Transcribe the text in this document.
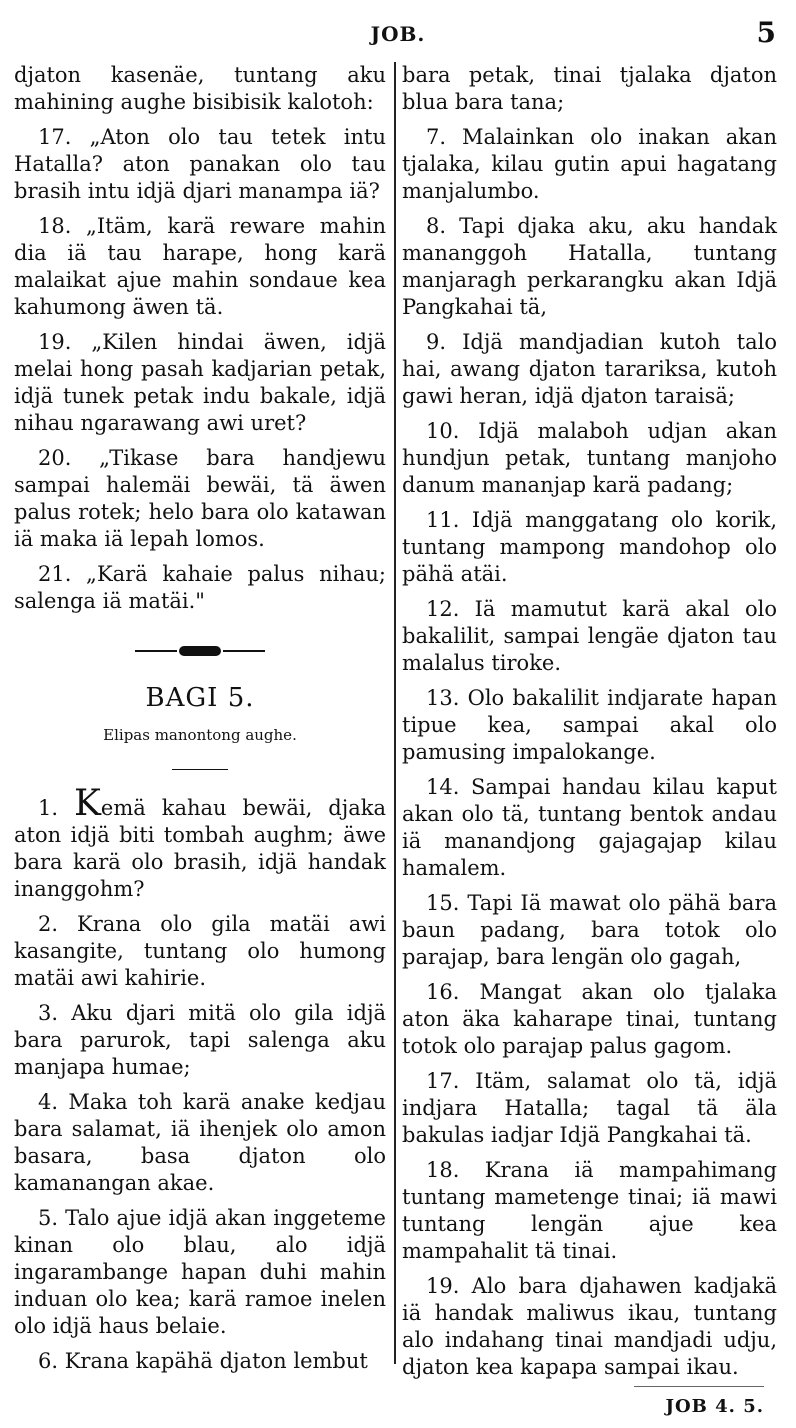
JOB.	5

djaton kasenäe, tuntang aku mahining aughe bisibisik kalotoh:

17. „Aton olo tau tetek intu Hatalla? aton panakan olo tau brasih intu idjä djari manampa iä?

18. „Itäm, karä reware mahin dia iä tau harape, hong karä malaikat ajue mahin sondaue kea kahumong äwen tä.

19. „Kilen hindai äwen, idjä melai hong pasah kadjarian petak, idjä tunek petak indu bakale, idjä nihau ngarawang awi uret?

20. „Tikase bara handjewu sampai halemäi bewäi, tä äwen palus rotek; helo bara olo katawan iä maka iä lepah lomos.

21. „Karä kahaie palus nihau; salenga iä matäi."

BAGI 5.
Elipas manontong aughe.

1. Kemä kahau bewäi, djaka aton idjä biti tombah aughm; äwe bara karä olo brasih, idjä handak inanggohm?

2. Krana olo gila matäi awi kasangite, tuntang olo humong matäi awi kahirie.

3. Aku djari mitä olo gila idjä bara parurok, tapi salenga aku manjapa humae;

4. Maka toh karä anake kedjau bara salamat, iä ihenjek olo amon basara, basa djaton olo kamanangan akae.

5. Talo ajue idjä akan inggeteme kinan olo blau, alo idjä ingarambange hapan duhi mahin induan olo kea; karä ramoe inelen olo idjä haus belaie.

6. Krana kapähä djaton lembut

bara petak, tinai tjalaka djaton blua bara tana;

7. Malainkan olo inakan akan tjalaka, kilau gutin apui hagatang manjalumbo.

8. Tapi djaka aku, aku handak mananggoh Hatalla, tuntang manjaragh perkarangku akan Idjä Pangkahai tä,

9. Idjä mandjadian kutoh talo hai, awang djaton tarariksa, kutoh gawi heran, idjä djaton taraisä;

10. Idjä malaboh udjan akan hundjun petak, tuntang manjoho danum mananjap karä padang;

11. Idjä manggatang olo korik, tuntang mampong mandohop olo pähä atäi.

12. Iä mamutut karä akal olo bakalilit, sampai lengäe djaton tau malalus tiroke.

13. Olo bakalilit indjarate hapan tipue kea, sampai akal olo pamusing impalokange.

14. Sampai handau kilau kaput akan olo tä, tuntang bentok andau iä manandjong gajagajap kilau hamalem.

15. Tapi Iä mawat olo pähä bara baun padang, bara totok olo parajap, bara lengän olo gagah,

16. Mangat akan olo tjalaka aton äka kaharape tinai, tuntang totok olo parajap palus gagom.

17. Itäm, salamat olo tä, idjä indjara Hatalla; tagal tä äla bakulas iadjar Idjä Pangkahai tä.

18. Krana iä mampahimang tuntang mametenge tinai; iä mawi tuntang lengän ajue kea mampahalit tä tinai.

19. Alo bara djahawen kadjakä iä handak maliwus ikau, tuntang alo indahang tinai mandjadi udju, djaton kea kapapa sampai ikau.

JOB 4. 5.
